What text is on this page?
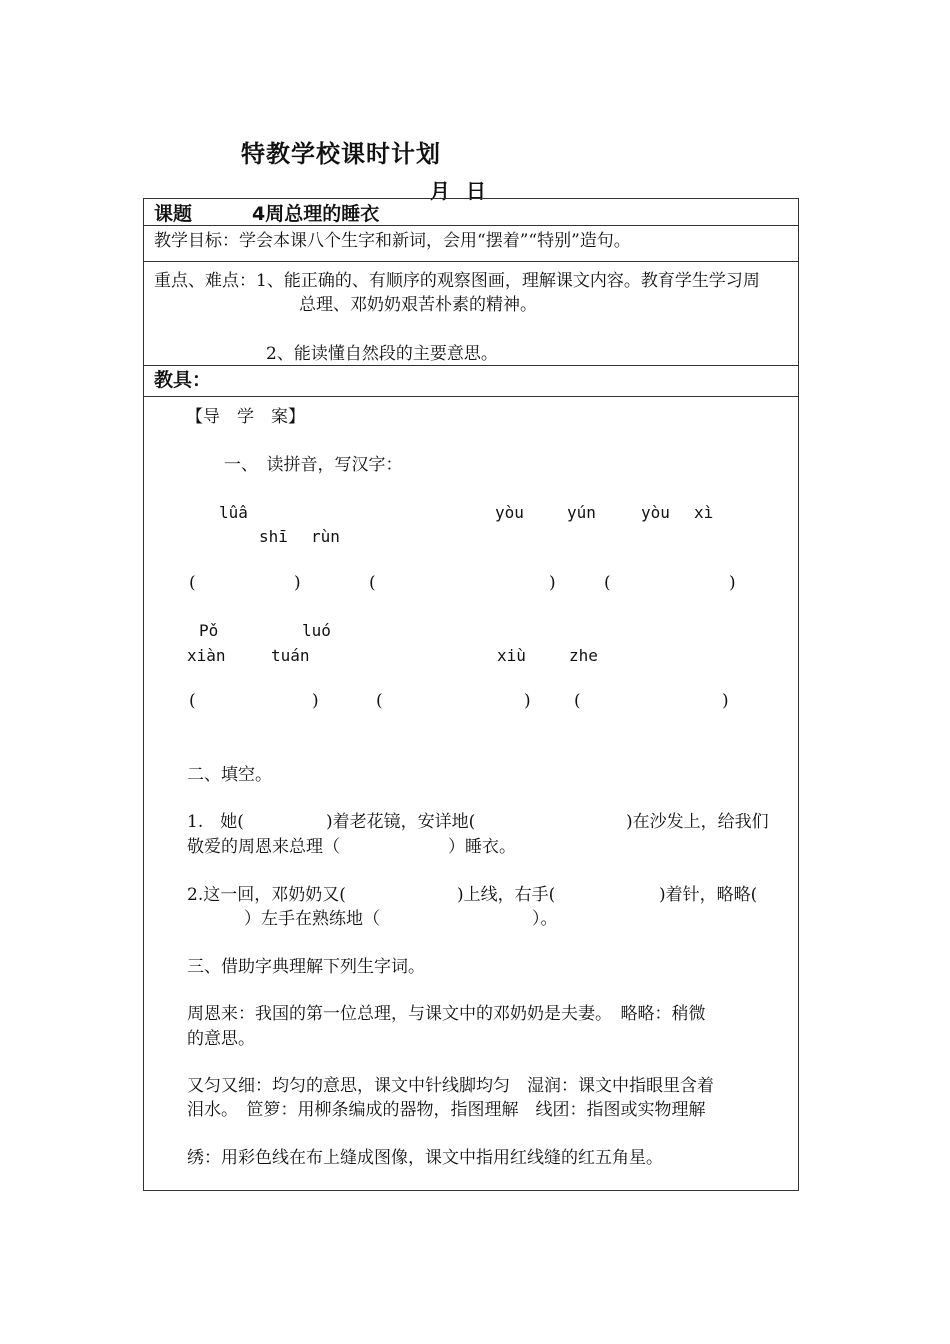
特教学校课时计划
月 日
课题	4周总理的睡衣
教学目标：学会本课八个生字和新词，会用“摆着”“特别”造句。
重点、难点：1、能正确的、有顺序的观察图画，理解课文内容。教育学生学习周
总理、邓奶奶艰苦朴素的精神。
2、能读懂自然段的主要意思。
教具：
【导　学　案】
一、　读拼音，写汉字：
lûâ	yòu	yún	yòu xì
shī rùn
(	)	(	)	(	)
Pǒ	luó
xiàn	tuán	xiù	zhe
(	)	(	)	(	)
二、填空。
1.　她(	)着老花镜，安详地(	)在沙发上，给我们
敬爱的周恩来总理（	）睡衣。
2.这一回，邓奶奶又(	)上线，右手(	)着针，略略(
）左手在熟练地（	）。
三、借助字典理解下列生字词。
周恩来：我国的第一位总理，与课文中的邓奶奶是夫妻。　略略：稍微
的意思。
又匀又细：均匀的意思，课文中针线脚均匀　湿润：课文中指眼里含着
泪水。　笸箩：用柳条编成的器物，指图理解　线团：指图或实物理解
绣：用彩色线在布上缝成图像，课文中指用红线缝的红五角星。
